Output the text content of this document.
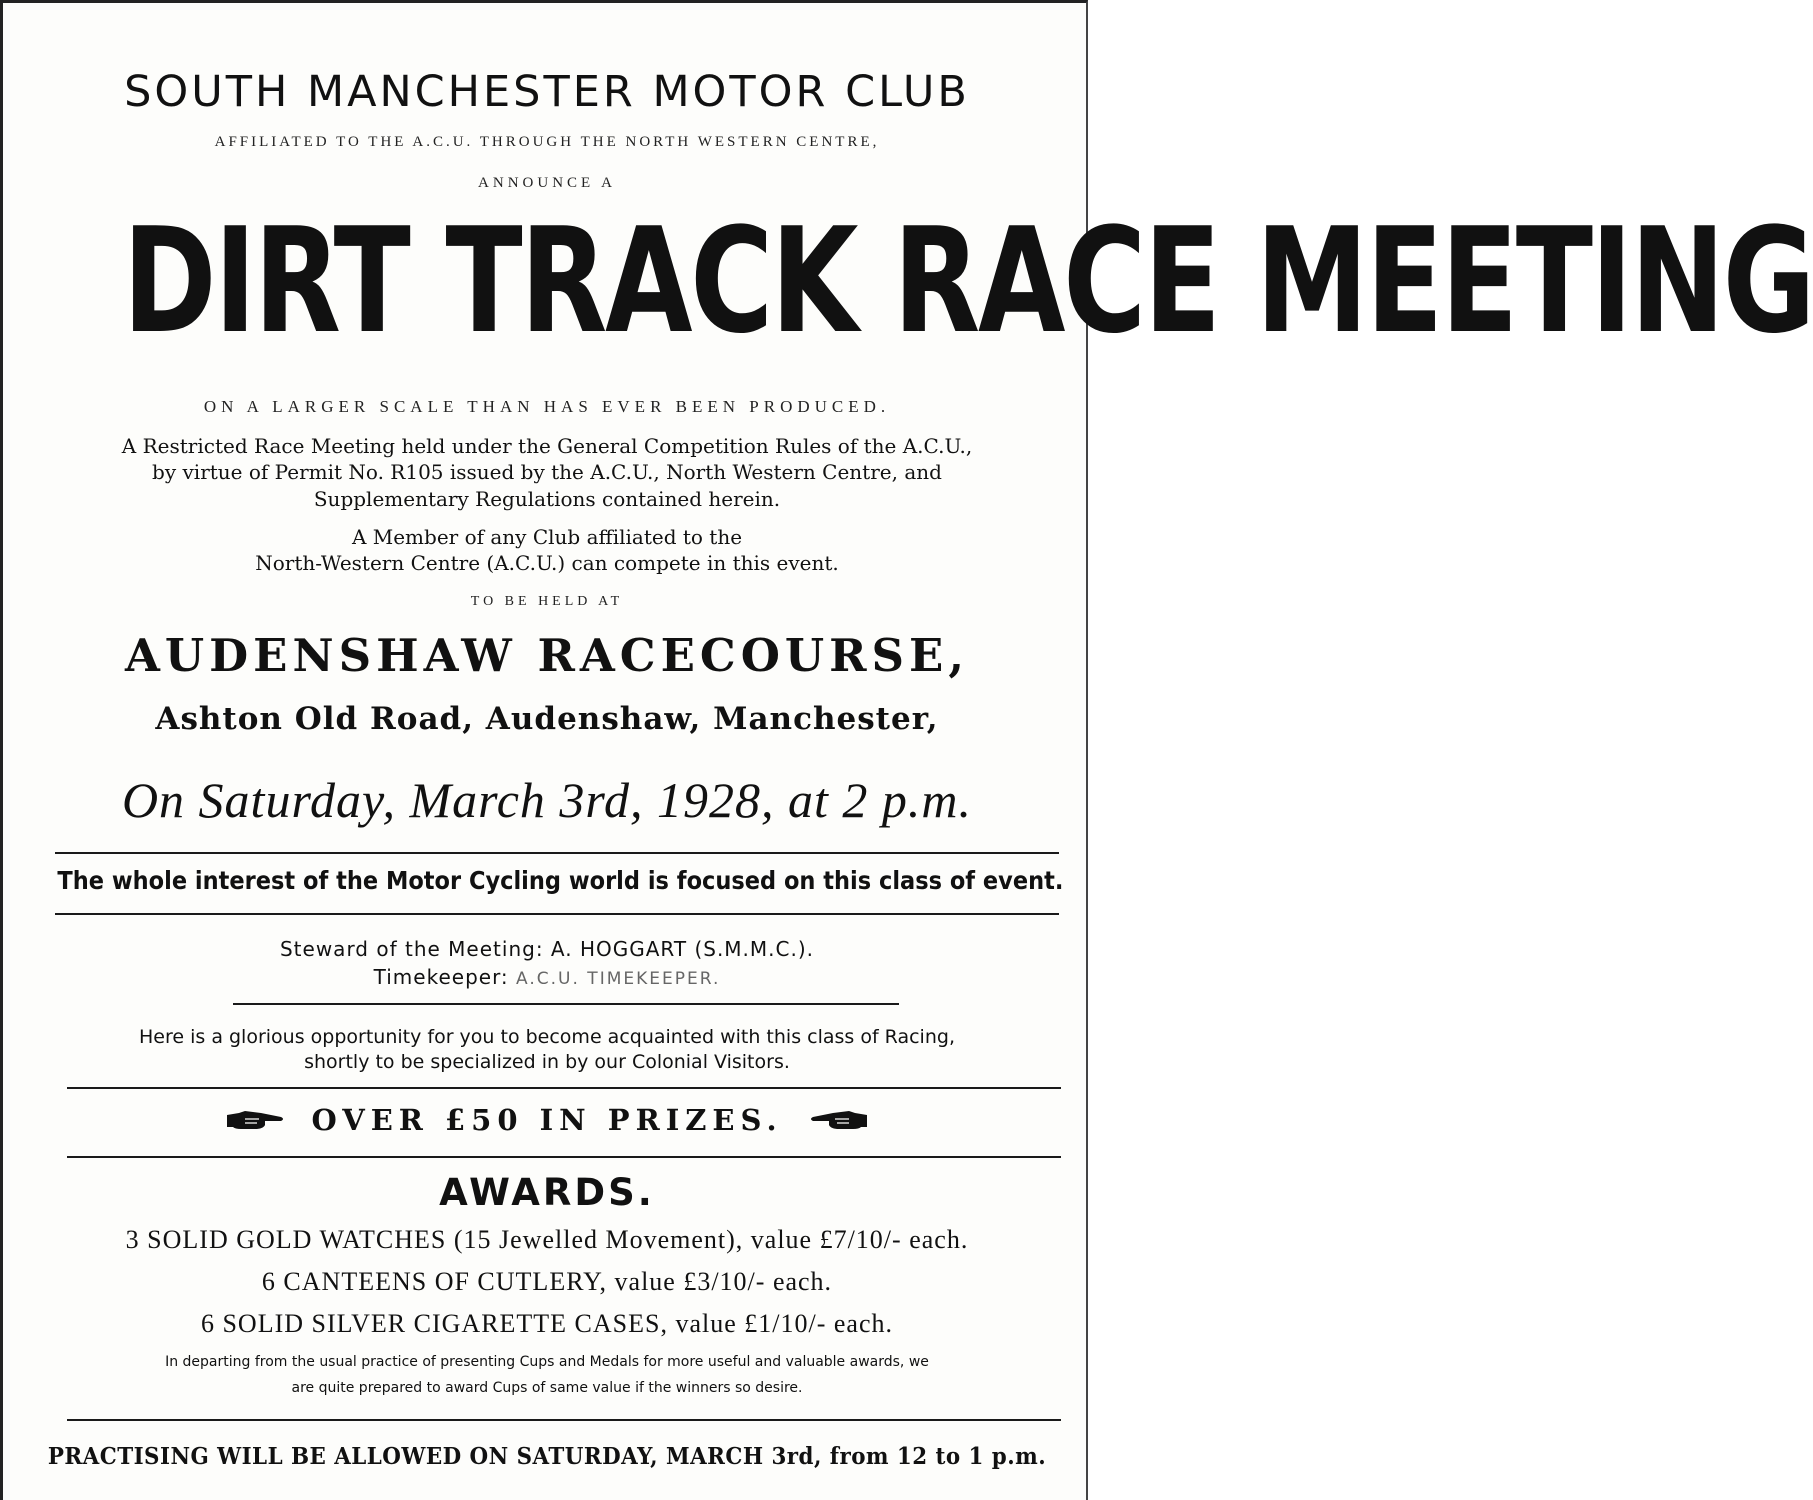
SOUTH MANCHESTER MOTOR CLUB
AFFILIATED TO THE A.C.U. THROUGH THE NORTH WESTERN CENTRE,
ANNOUNCE A
DIRT TRACK RACE MEETING
ON A LARGER SCALE THAN HAS EVER BEEN PRODUCED.
A Restricted Race Meeting held under the General Competition Rules of the A.C.U.,
by virtue of Permit No. R105 issued by the A.C.U., North Western Centre, and
Supplementary Regulations contained herein.
A Member of any Club affiliated to the
North-Western Centre (A.C.U.) can compete in this event.
TO BE HELD AT
AUDENSHAW RACECOURSE,
Ashton Old Road, Audenshaw, Manchester,
On Saturday, March 3rd, 1928, at 2 p.m.
The whole interest of the Motor Cycling world is focused on this class of event.
Steward of the Meeting: A. HOGGART (S.M.M.C.).
Timekeeper: A.C.U. TIMEKEEPER.
Here is a glorious opportunity for you to become acquainted with this class of Racing,
shortly to be specialized in by our Colonial Visitors.
OVER £50 IN PRIZES.
AWARDS.
3 SOLID GOLD WATCHES (15 Jewelled Movement), value £7/10/- each.
6 CANTEENS OF CUTLERY, value £3/10/- each.
6 SOLID SILVER CIGARETTE CASES, value £1/10/- each.
In departing from the usual practice of presenting Cups and Medals for more useful and valuable awards, we
are quite prepared to award Cups of same value if the winners so desire.
PRACTISING WILL BE ALLOWED ON SATURDAY, MARCH 3rd, from 12 to 1 p.m.
